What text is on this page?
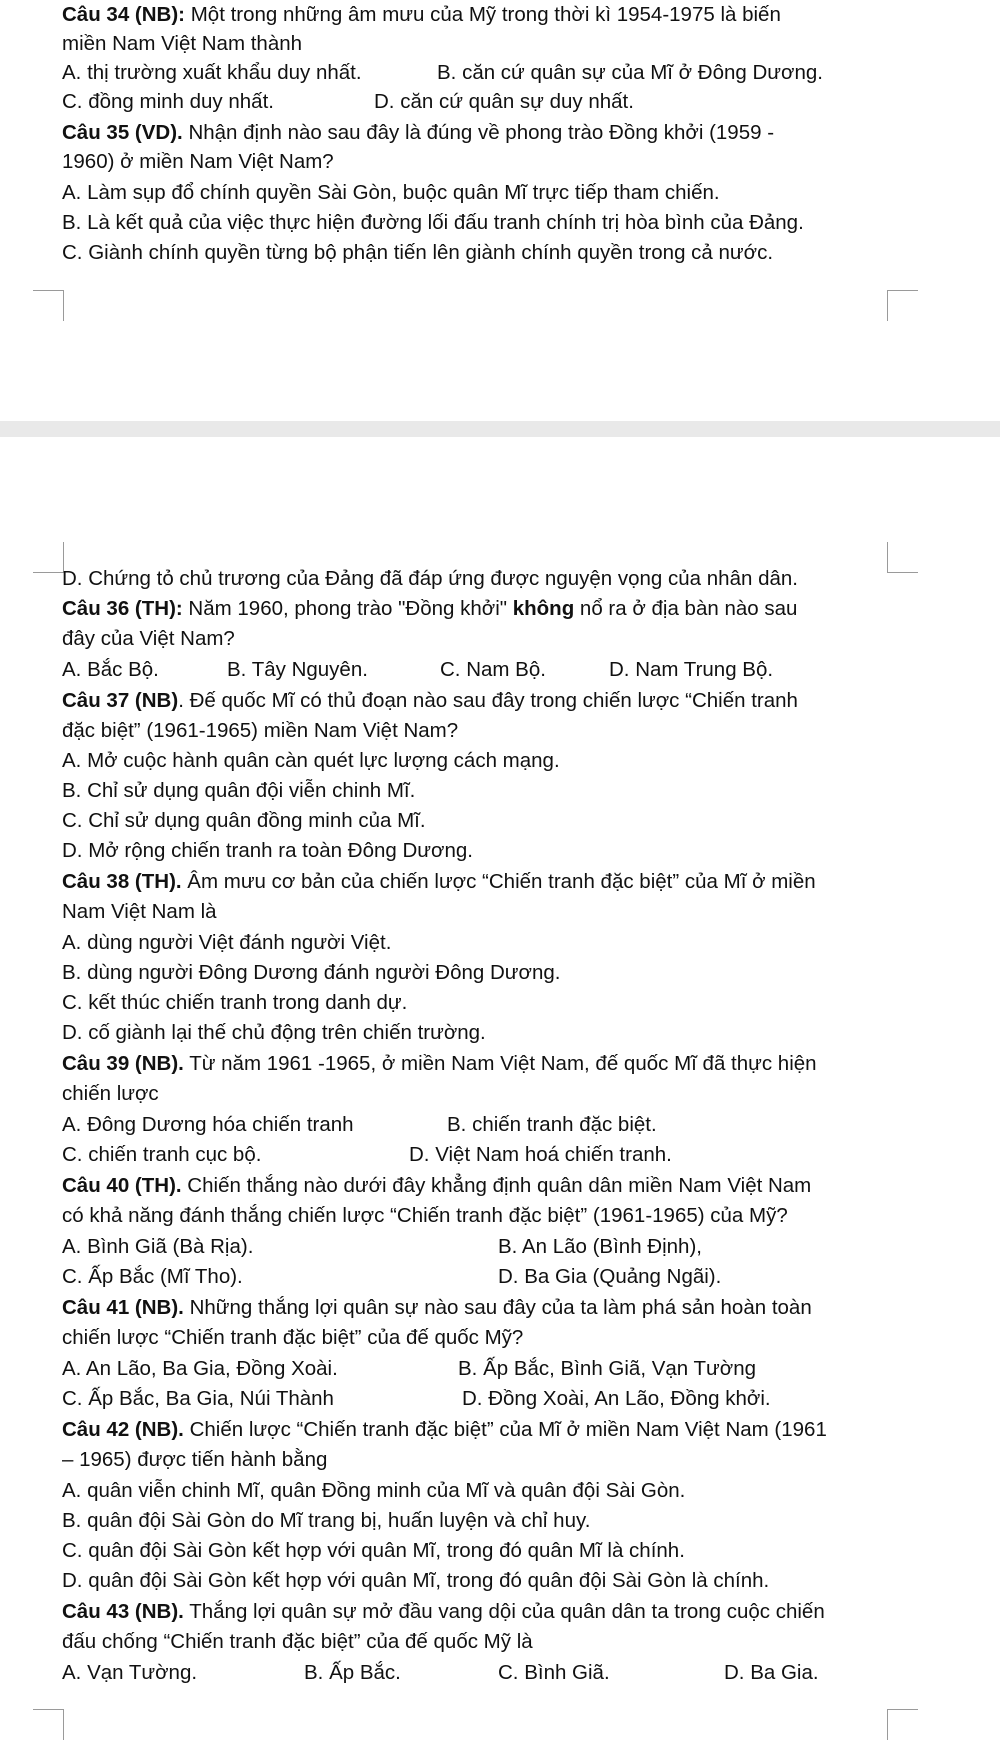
Câu 34 (NB): Một trong những âm mưu của Mỹ trong thời kì 1954-1975 là biến
miền Nam Việt Nam thành
A. thị trường xuất khẩu duy nhất.	B. căn cứ quân sự của Mĩ ở Đông Dương.
C. đồng minh duy nhất.	D. căn cứ quân sự duy nhất.
Câu 35 (VD). Nhận định nào sau đây là đúng về phong trào Đồng khởi (1959 -
1960) ở miền Nam Việt Nam?
A. Làm sụp đổ chính quyền Sài Gòn, buộc quân Mĩ trực tiếp tham chiến.
B. Là kết quả của việc thực hiện đường lối đấu tranh chính trị hòa bình của Đảng.
C. Giành chính quyền từng bộ phận tiến lên giành chính quyền trong cả nước.
D. Chứng tỏ chủ trương của Đảng đã đáp ứng được nguyện vọng của nhân dân.
Câu 36 (TH): Năm 1960, phong trào "Đồng khởi" không nổ ra ở địa bàn nào sau
đây của Việt Nam?
A. Bắc Bộ.	B. Tây Nguyên.	C. Nam Bộ.	D. Nam Trung Bộ.
Câu 37 (NB). Đế quốc Mĩ có thủ đoạn nào sau đây trong chiến lược “Chiến tranh
đặc biệt” (1961-1965) miền Nam Việt Nam?
A. Mở cuộc hành quân càn quét lực lượng cách mạng.
B. Chỉ sử dụng quân đội viễn chinh Mĩ.
C. Chỉ sử dụng quân đồng minh của Mĩ.
D. Mở rộng chiến tranh ra toàn Đông Dương.
Câu 38 (TH). Âm mưu cơ bản của chiến lược “Chiến tranh đặc biệt” của Mĩ ở miền
Nam Việt Nam là
A. dùng người Việt đánh người Việt.
B. dùng người Đông Dương đánh người Đông Dương.
C. kết thúc chiến tranh trong danh dự.
D. cố giành lại thế chủ động trên chiến trường.
Câu 39 (NB). Từ năm 1961 -1965, ở miền Nam Việt Nam, đế quốc Mĩ đã thực hiện
chiến lược
A. Đông Dương hóa chiến tranh	B. chiến tranh đặc biệt.
C. chiến tranh cục bộ.	D. Việt Nam hoá chiến tranh.
Câu 40 (TH). Chiến thắng nào dưới đây khẳng định quân dân miền Nam Việt Nam
có khả năng đánh thắng chiến lược “Chiến tranh đặc biệt” (1961-1965) của Mỹ?
A. Bình Giã (Bà Rịa).	B. An Lão (Bình Định),
C. Ấp Bắc (Mĩ Tho).	D. Ba Gia (Quảng Ngãi).
Câu 41 (NB). Những thắng lợi quân sự nào sau đây của ta làm phá sản hoàn toàn
chiến lược “Chiến tranh đặc biệt” của đế quốc Mỹ?
A. An Lão, Ba Gia, Đồng Xoài.	B. Ấp Bắc, Bình Giã, Vạn Tường
C. Ấp Bắc, Ba Gia, Núi Thành	D. Đồng Xoài, An Lão, Đồng khởi.
Câu 42 (NB). Chiến lược “Chiến tranh đặc biệt” của Mĩ ở miền Nam Việt Nam (1961
– 1965) được tiến hành bằng
A. quân viễn chinh Mĩ, quân Đồng minh của Mĩ và quân đội Sài Gòn.
B. quân đội Sài Gòn do Mĩ trang bị, huấn luyện và chỉ huy.
C. quân đội Sài Gòn kết hợp với quân Mĩ, trong đó quân Mĩ là chính.
D. quân đội Sài Gòn kết hợp với quân Mĩ, trong đó quân đội Sài Gòn là chính.
Câu 43 (NB). Thắng lợi quân sự mở đầu vang dội của quân dân ta trong cuộc chiến
đấu chống “Chiến tranh đặc biệt” của đế quốc Mỹ là
A. Vạn Tường.	B. Ấp Bắc.	C. Bình Giã.	D. Ba Gia.
